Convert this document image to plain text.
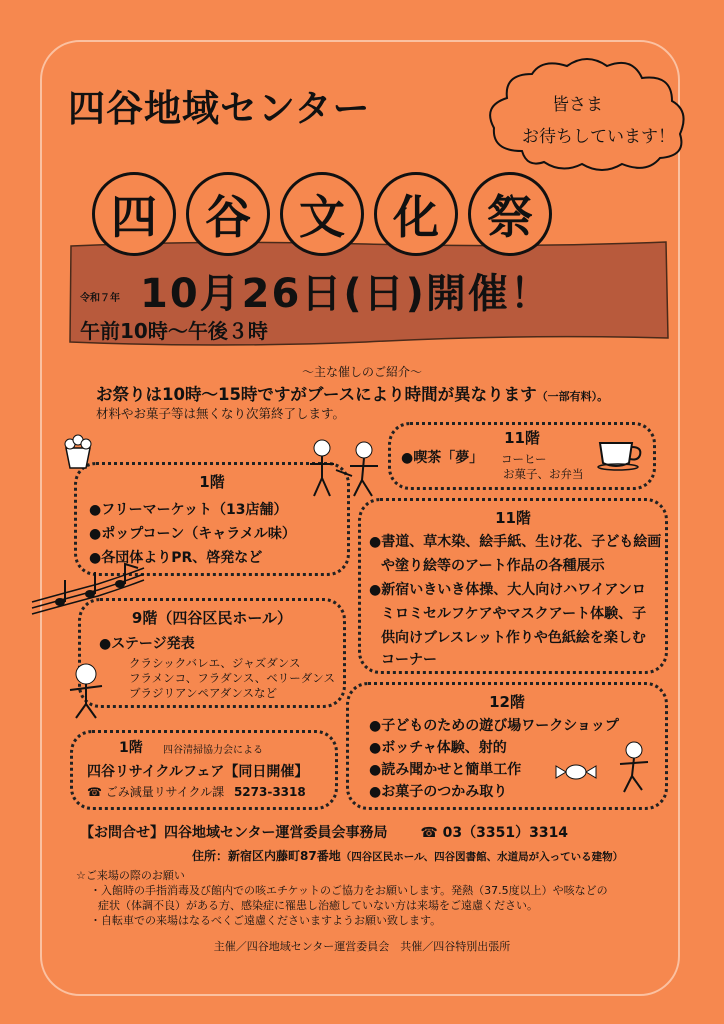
四谷地域センター	皆さま
お待ちしています！
四	谷	文	化	祭
令和７年 10月26日(日)開催！
午前10時〜午後３時
〜主な催しのご紹介〜
お祭りは10時〜15時ですがブースにより時間が異なります（一部有料）。
材料やお菓子等は無くなり次第終了します。
11階
●喫茶「夢」 コーヒー
お菓子、お弁当
1階
●フリーマーケット（13店舗）
●ポップコーン（キャラメル味）
●各団体よりPR、啓発など
11階
●書道、草木染、絵手紙、生け花、子ども絵画
や塗り絵等のアート作品の各種展示
●新宿いきいき体操、大人向けハワイアンロ
ミロミセルフケアやマスクアート体験、子
供向けブレスレット作りや色紙絵を楽しむ
コーナー
9階（四谷区民ホール）
●ステージ発表
クラシックバレエ、ジャズダンス
フラメンコ、フラダンス、ベリーダンス
ブラジリアンペアダンスなど	12階
●子どものための遊び場ワークショップ
●ボッチャ体験、射的
●読み聞かせと簡単工作
●お菓子のつかみ取り
1階 四谷清掃協力会による
四谷リサイクルフェア【同日開催】
☎ ごみ減量リサイクル課 5273-3318
【お問合せ】四谷地域センター運営委員会事務局 ☎ 03（3351）3314
住所：新宿区内藤町87番地（四谷区民ホール、四谷図書館、水道局が入っている建物）
☆ご来場の際のお願い
・入館時の手指消毒及び館内での咳エチケットのご協力をお願いします。発熱（37.5度以上）や咳などの
症状（体調不良）がある方、感染症に罹患し治癒していない方は来場をご遠慮ください。
・自転車での来場はなるべくご遠慮くださいますようお願い致します。
主催／四谷地域センター運営委員会　共催／四谷特別出張所
